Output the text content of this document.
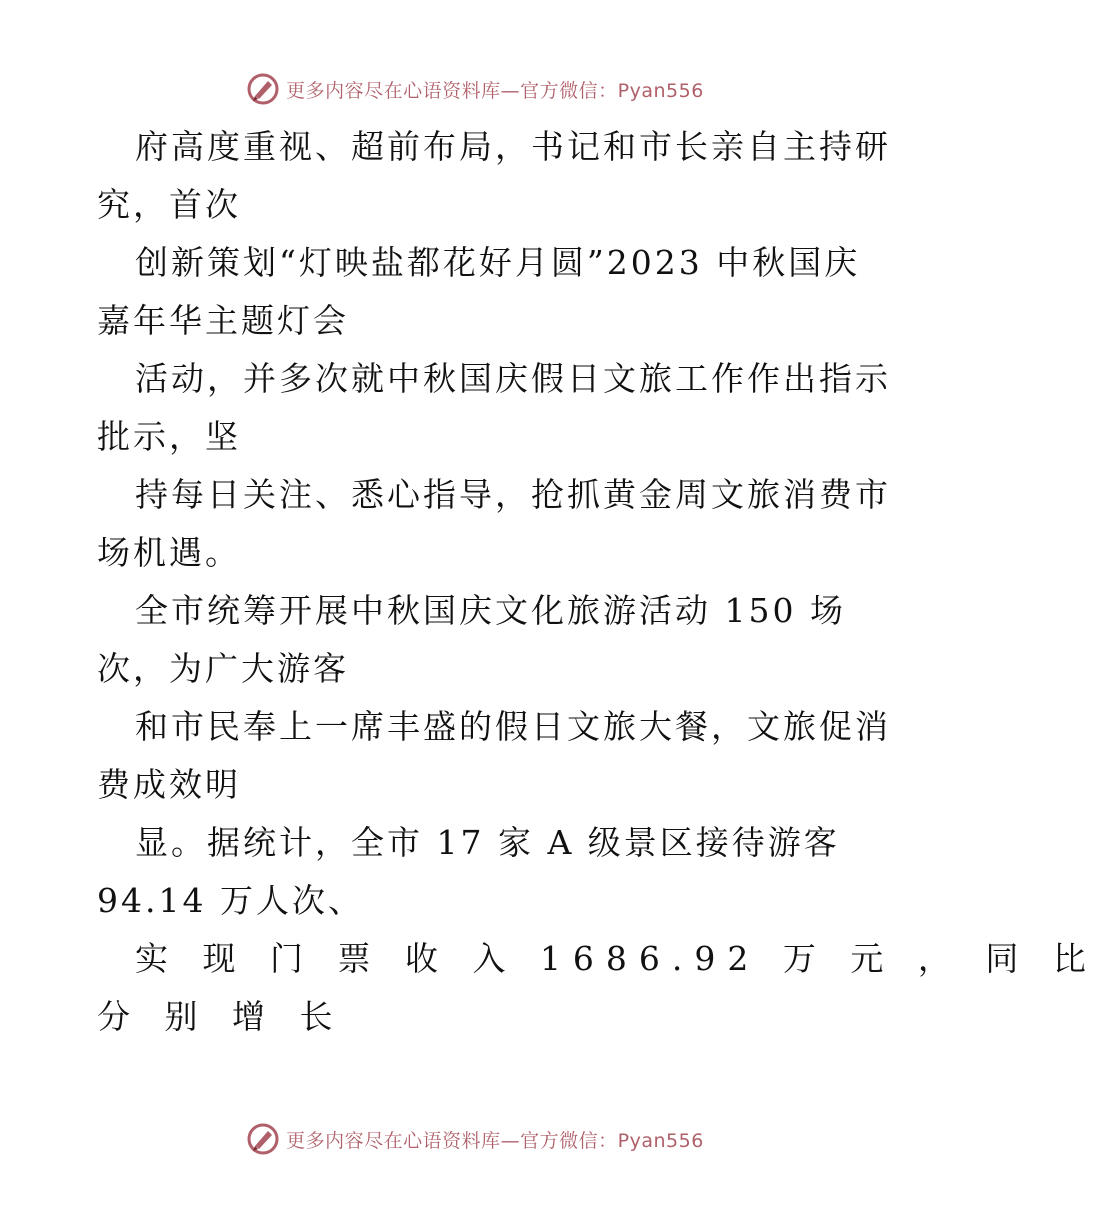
更多内容尽在心语资料库—官方微信：Pyan556
府高度重视、超前布局，书记和市长亲自主持研
究，首次
创新策划“灯映盐都花好月圆”2023 中秋国庆
嘉年华主题灯会
活动，并多次就中秋国庆假日文旅工作作出指示
批示，坚
持每日关注、悉心指导，抢抓黄金周文旅消费市
场机遇。
全市统筹开展中秋国庆文化旅游活动 150 场
次，为广大游客
和市民奉上一席丰盛的假日文旅大餐，文旅促消
费成效明
显。据统计，全市 17 家 A 级景区接待游客
94.14 万人次、
实 现 门 票 收 入 1686.92 万 元 ， 同 比
分 别 增 长
更多内容尽在心语资料库—官方微信：Pyan556
